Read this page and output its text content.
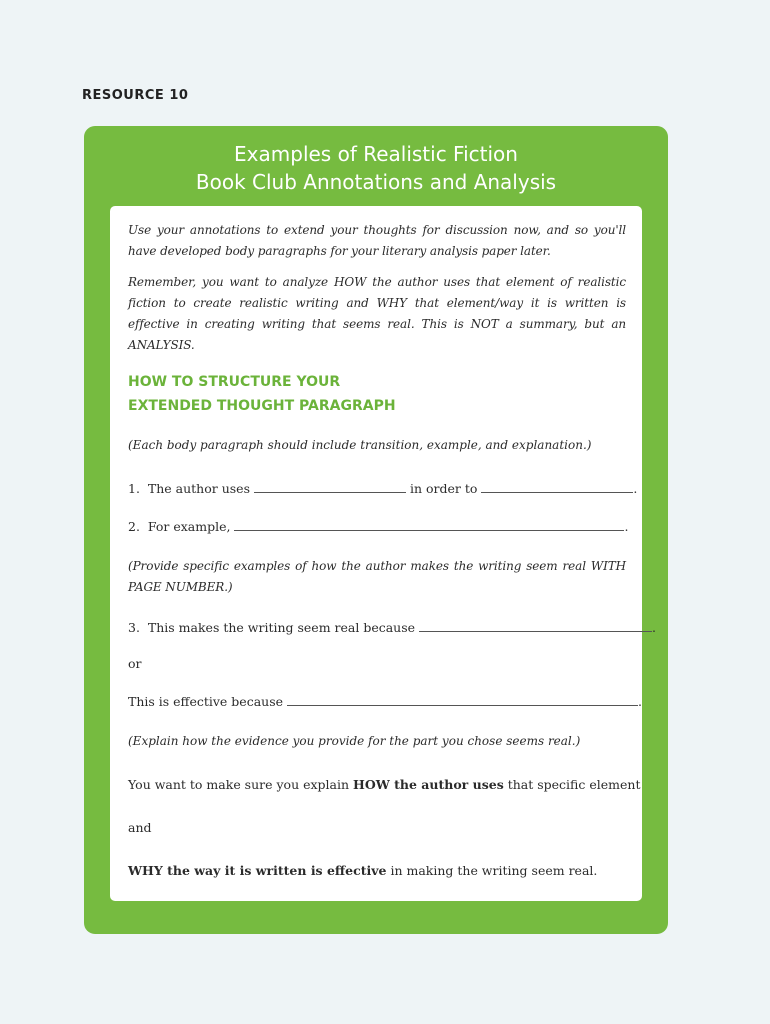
RESOURCE 10
Examples of Realistic Fiction
Book Club Annotations and Analysis

Use your annotations to extend your thoughts for discussion now, and so you'll have developed body paragraphs for your literary analysis paper later.

Remember, you want to analyze HOW the author uses that element of realistic fiction to create realistic writing and WHY that element/way it is written is effective in creating writing that seems real. This is NOT a summary, but an ANALYSIS.

HOW TO STRUCTURE YOUR
EXTENDED THOUGHT PARAGRAPH
(Each body paragraph should include transition, example, and explanation.)
1. The author uses	in order to	.
2. For example,	.

(Provide specific examples of how the author makes the writing seem real WITH PAGE NUMBER.)

3. This makes the writing seem real because	.
or
This is effective because	.
(Explain how the evidence you provide for the part you chose seems real.)
You want to make sure you explain HOW the author uses that specific element
and
WHY the way it is written is effective in making the writing seem real.
